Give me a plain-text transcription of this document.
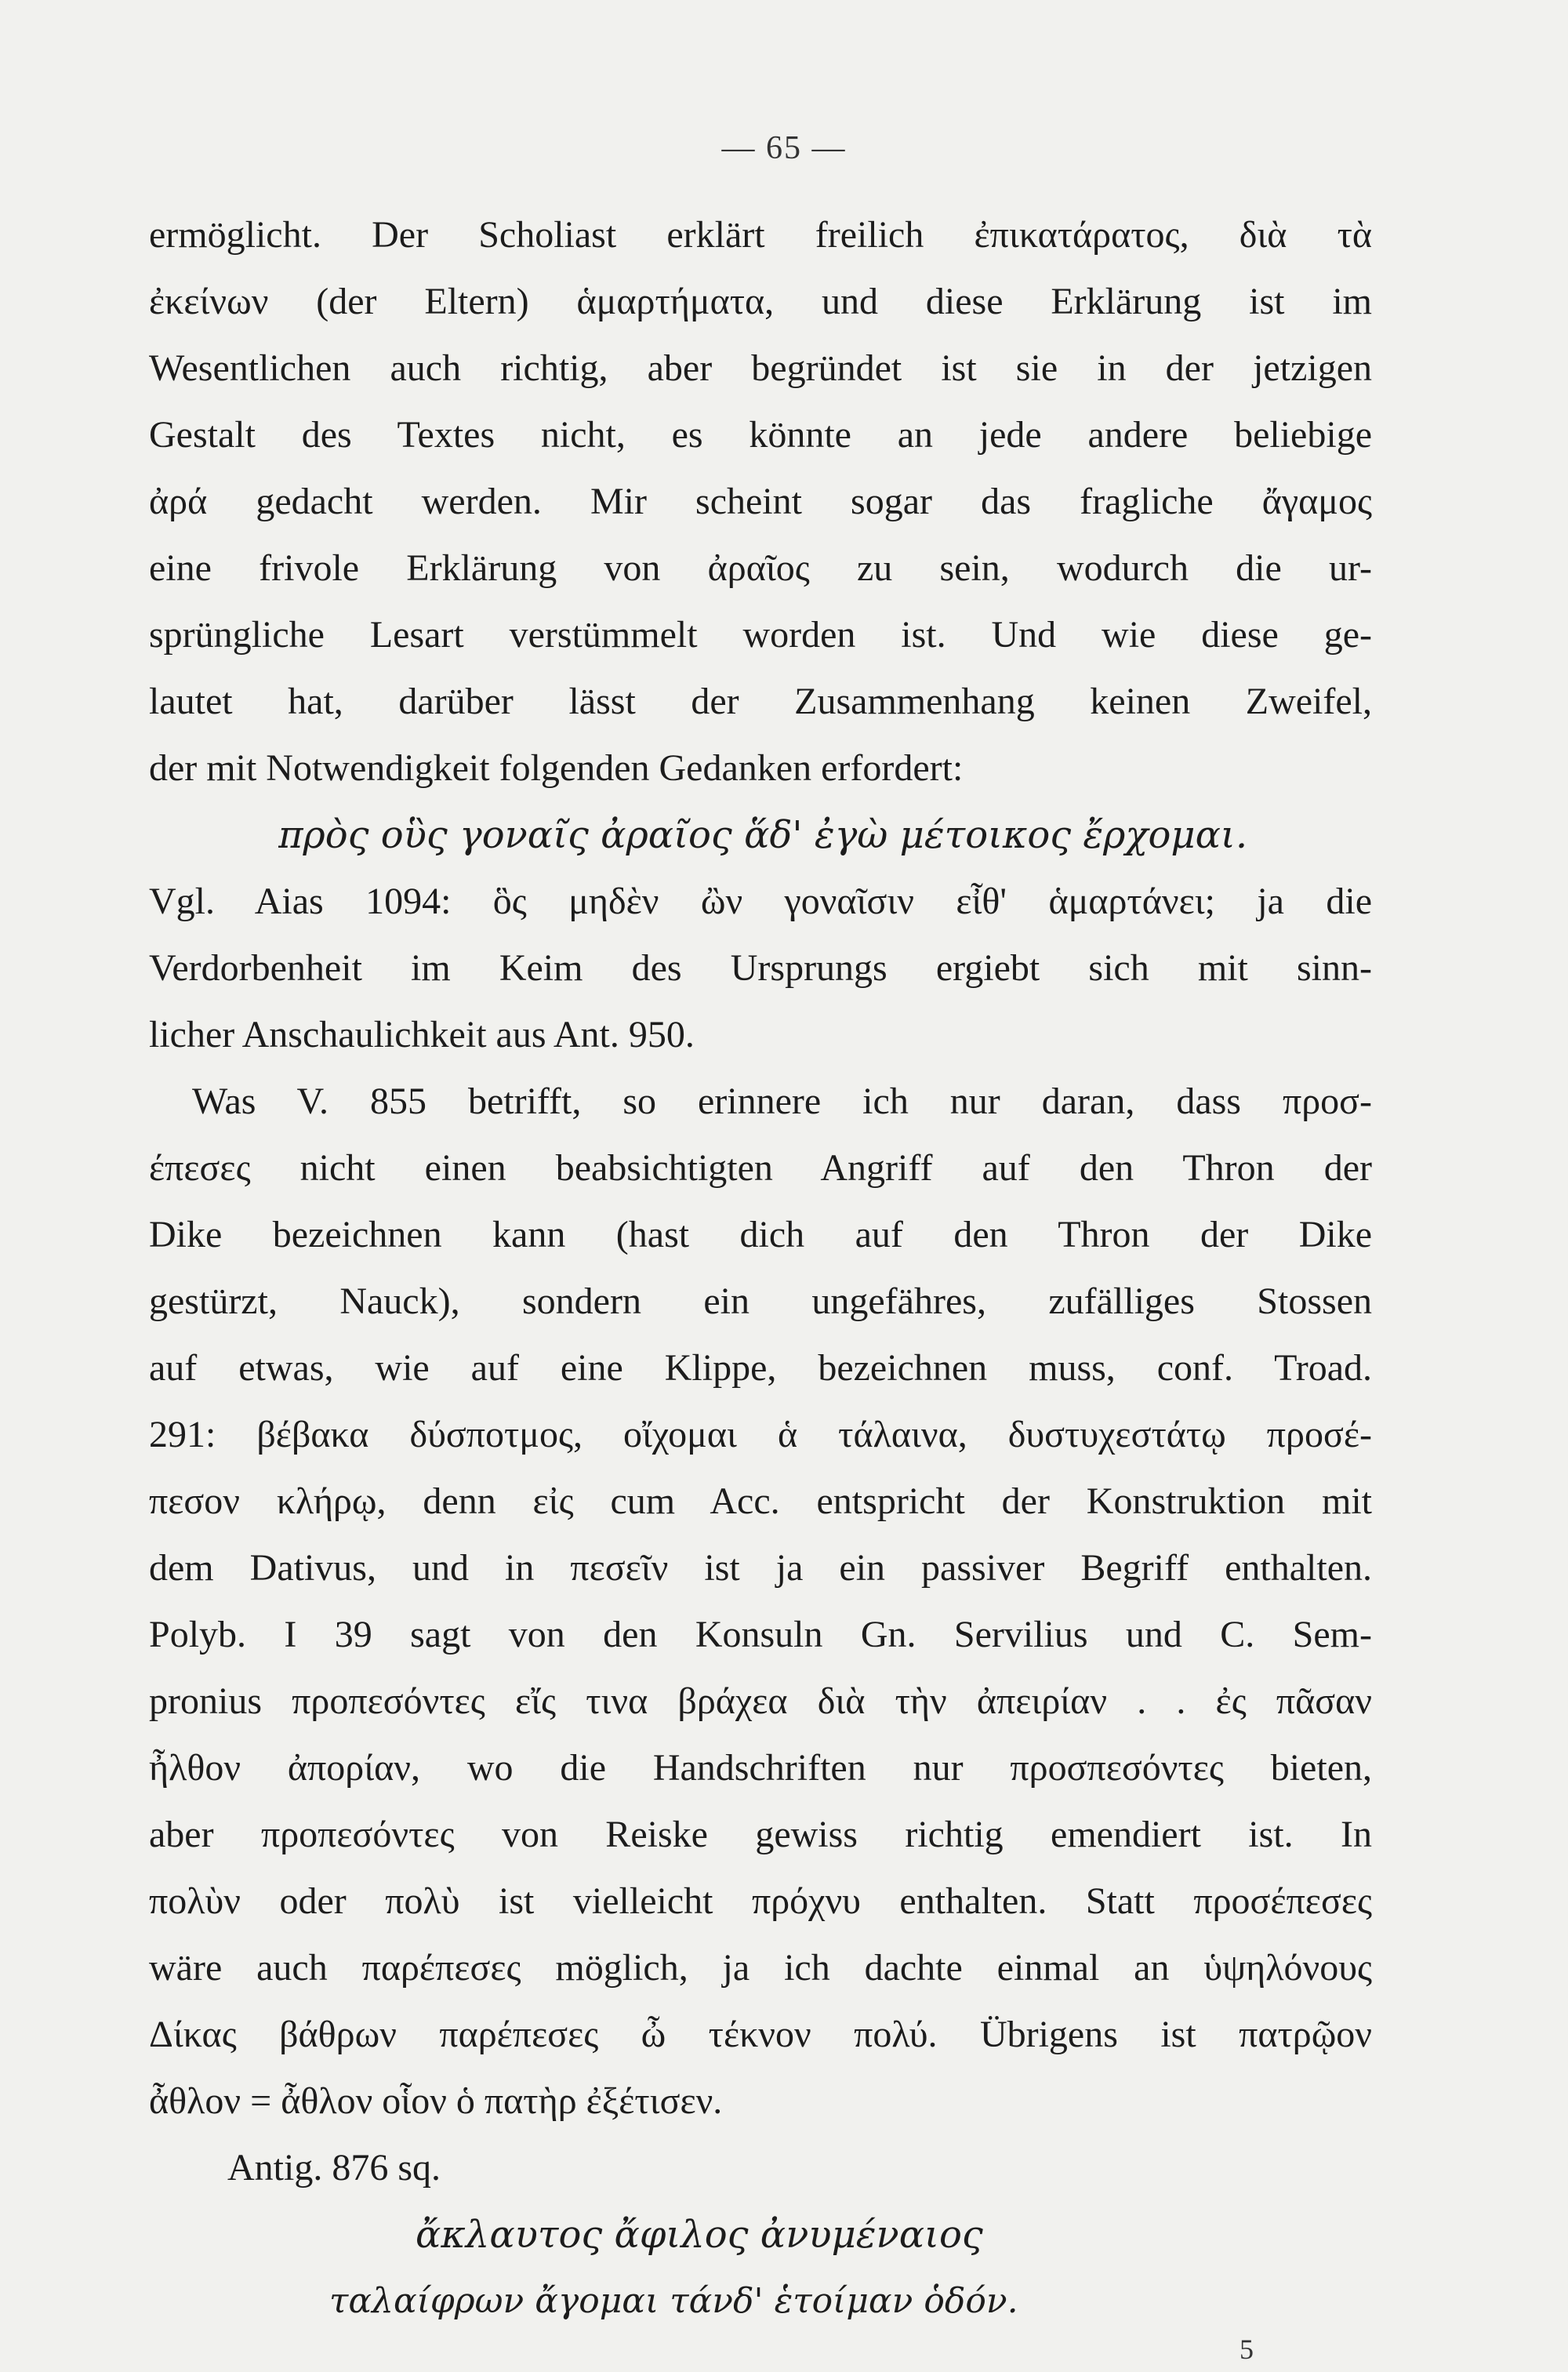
— 65 —
ermöglicht. Der Scholiast erklärt freilich ἐπικατάρατος, διὰ τὰ
ἐκείνων (der Eltern) ἁμαρτήματα, und diese Erklärung ist im
Wesentlichen auch richtig, aber begründet ist sie in der jetzigen
Gestalt des Textes nicht, es könnte an jede andere beliebige
ἀρά gedacht werden. Mir scheint sogar das fragliche ἄγαμος
eine frivole Erklärung von ἀραῖος zu sein, wodurch die ur-
sprüngliche Lesart verstümmelt worden ist. Und wie diese ge-
lautet hat, darüber lässt der Zusammenhang keinen Zweifel,
der mit Notwendigkeit folgenden Gedanken erfordert:
πρὸς οὓς γοναῖς ἀραῖος ἅδ' ἐγὼ μέτοικος ἔρχομαι.
Vgl. Aias 1094: ὃς μηδὲν ὢν γοναῖσιν εἶθ' ἁμαρτάνει; ja die
Verdorbenheit im Keim des Ursprungs ergiebt sich mit sinn-
licher Anschaulichkeit aus Ant. 950.
Was V. 855 betrifft, so erinnere ich nur daran, dass προσ-
έπεσες nicht einen beabsichtigten Angriff auf den Thron der
Dike bezeichnen kann (hast dich auf den Thron der Dike
gestürzt, Nauck), sondern ein ungefähres, zufälliges Stossen
auf etwas, wie auf eine Klippe, bezeichnen muss, conf. Troad.
291: βέβακα δύσποτμος, οἴχομαι ἁ τάλαινα, δυστυχεστάτῳ προσέ-
πεσον κλήρῳ, denn εἰς cum Acc. entspricht der Konstruktion mit
dem Dativus, und in πεσεῖν ist ja ein passiver Begriff enthalten.
Polyb. I 39 sagt von den Konsuln Gn. Servilius und C. Sem-
pronius προπεσόντες εἴς τινα βράχεα διὰ τὴν ἀπειρίαν . . ἐς πᾶσαν
ἦλθον ἀπορίαν, wo die Handschriften nur προσπεσόντες bieten,
aber προπεσόντες von Reiske gewiss richtig emendiert ist. In
πολὺν oder πολὺ ist vielleicht πρόχνυ enthalten. Statt προσέπεσες
wäre auch παρέπεσες möglich, ja ich dachte einmal an ὑψηλόνους
Δίκας βάθρων παρέπεσες ὦ τέκνον πολύ. Übrigens ist πατρῷον
ἆθλον = ἆθλον οἷον ὁ πατὴρ ἐξέτισεν.
Antig. 876 sq.
ἄκλαυτος ἄφιλος ἀνυμέναιος
ταλαίφρων ἄγομαι τάνδ' ἑτοίμαν ὁδόν.
5
